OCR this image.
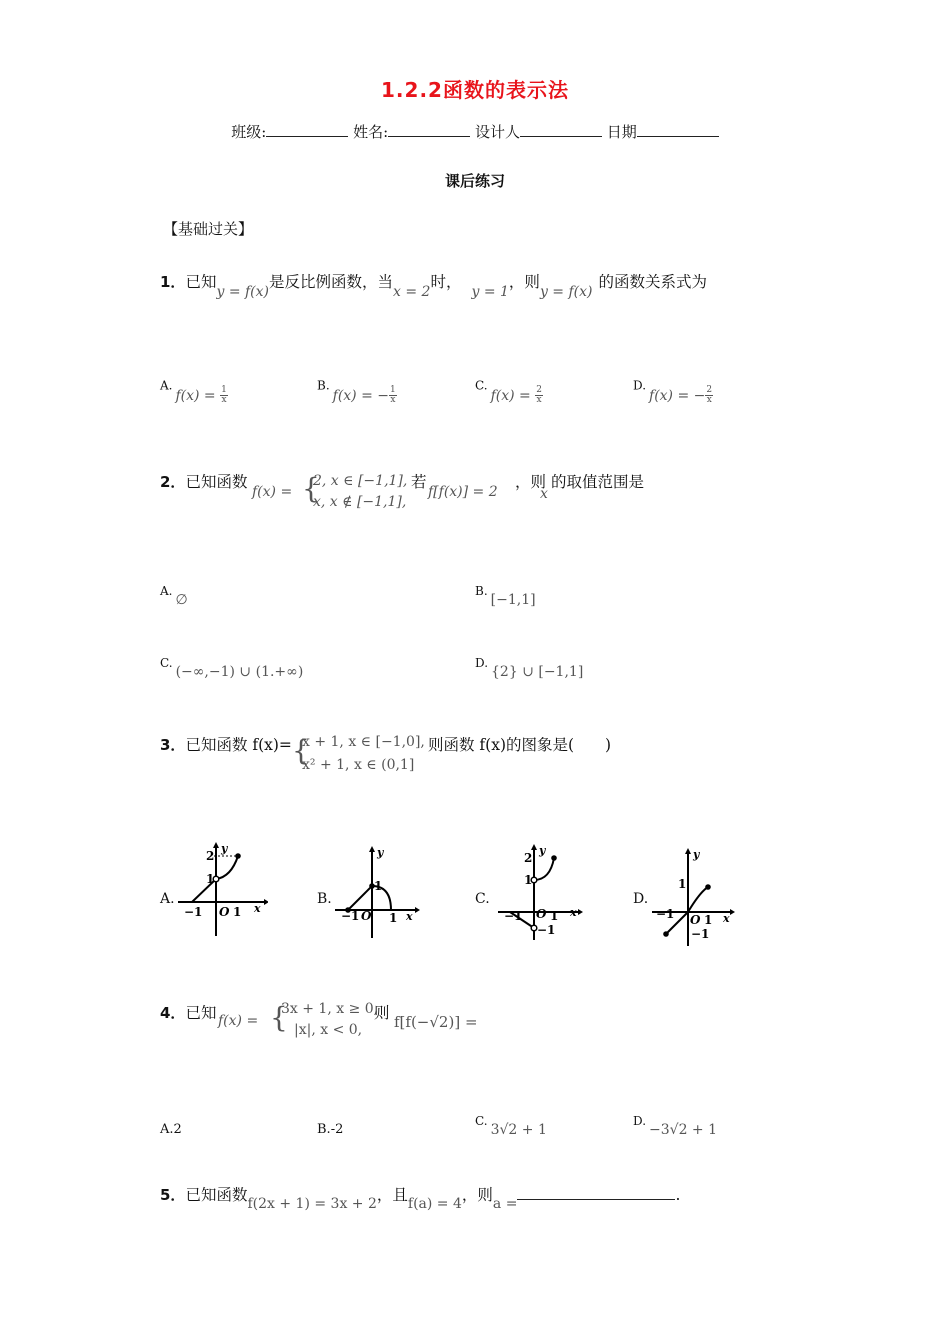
1.2.2函数的表示法
班级:	姓名:	设计人	日期
课后练习
【基础过关】
1．已知y = f(x)是反比例函数，当x = 2时，y = 1，则y = f(x)的函数关系式为
$A.f(x) = \frac{1}{x}$
B.f(x) = − $\frac{1}{x}$
$C.f(x) = \frac{2}{x}$
D.f(x) = − $\frac{2}{x}$
2．已知函数
f(x) = {
2, x ∈ [−1,1],
x, x ∉ [−1,1],
若
f[f(x)] = 2
，则
x
的取值范围是
A.∅
B.[−1,1]
C.(−∞,−1) ∪ (1.+∞)
D.{2} ∪ [−1,1]
3．已知函数 f(x)= {
x + 1, x ∈ [−1,0],
x² + 1, x ∈ (0,1]
则函数 f(x)的图象是(　　)
A.
y
x
O 1
−1
1
2
B.
y
x
O 1
−1
1
C.
y
x
O 1
−1
−1
1
2
D.
y
x
O 1
−1
−1
1
4．已知 f(x) = {
3x + 1, x ≥ 0,
|x|, x < 0,
则 f[f(−√2)] =
A.2	B.-2
C.3√2 + 1
D.−3√2 + 1
5．已知函数f(2x + 1) = 3x + 2，且f(a) = 4，则a =	.
